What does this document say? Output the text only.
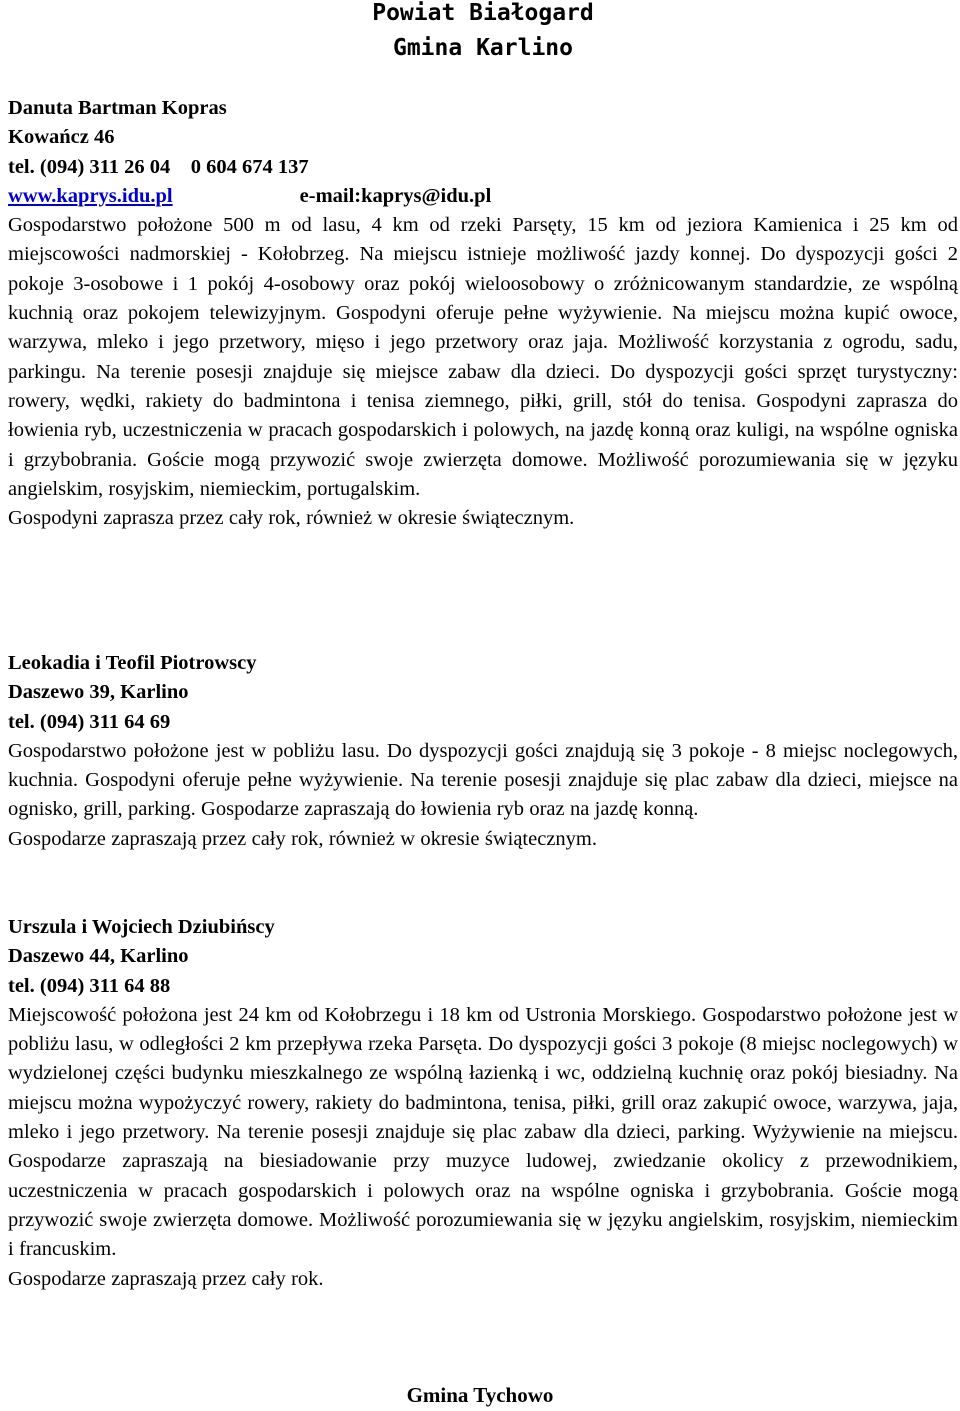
Powiat Białogard
Gmina Karlino
Danuta Bartman Kopras
Kowańcz 46
tel. (094) 311 26 04    0 604 674 137
www.kaprys.idu.pl	e-mail:kaprys@idu.pl

Gospodarstwo położone 500 m od lasu, 4 km od rzeki Parsęty, 15 km od jeziora Kamienica i 25 km od miejscowości nadmorskiej - Kołobrzeg. Na miejscu istnieje możliwość jazdy konnej. Do dyspozycji gości 2 pokoje 3-osobowe i 1 pokój 4-osobowy oraz pokój wieloosobowy o zróżnicowanym standardzie, ze wspólną kuchnią oraz pokojem telewizyjnym. Gospodyni oferuje pełne wyżywienie. Na miejscu można kupić owoce, warzywa, mleko i jego przetwory, mięso i jego przetwory oraz jaja. Możliwość korzystania z ogrodu, sadu, parkingu. Na terenie posesji znajduje się miejsce zabaw dla dzieci. Do dyspozycji gości sprzęt turystyczny: rowery, wędki, rakiety do badmintona i tenisa ziemnego, piłki, grill, stół do tenisa. Gospodyni zaprasza do łowienia ryb, uczestniczenia w pracach gospodarskich i polowych, na jazdę konną oraz kuligi, na wspólne ogniska i grzybobrania. Goście mogą przywozić swoje zwierzęta domowe. Możliwość porozumiewania się w języku angielskim, rosyjskim, niemieckim, portugalskim.

Gospodyni zaprasza przez cały rok, również w okresie świątecznym.

Leokadia i Teofil Piotrowscy
Daszewo 39, Karlino
tel. (094) 311 64 69

Gospodarstwo położone jest w pobliżu lasu. Do dyspozycji gości znajdują się 3 pokoje - 8 miejsc noclegowych, kuchnia. Gospodyni oferuje pełne wyżywienie. Na terenie posesji znajduje się plac zabaw dla dzieci, miejsce na ognisko, grill, parking. Gospodarze zapraszają do łowienia ryb oraz na jazdę konną.

Gospodarze zapraszają przez cały rok, również w okresie świątecznym.

Urszula i Wojciech Dziubińscy
Daszewo 44, Karlino
tel. (094) 311 64 88

Miejscowość położona jest 24 km od Kołobrzegu i 18 km od Ustronia Morskiego. Gospodarstwo położone jest w pobliżu lasu, w odległości 2 km przepływa rzeka Parsęta. Do dyspozycji gości 3 pokoje (8 miejsc noclegowych) w wydzielonej części budynku mieszkalnego ze wspólną łazienką i wc, oddzielną kuchnię oraz pokój biesiadny. Na miejscu można wypożyczyć rowery, rakiety do badmintona, tenisa, piłki, grill oraz zakupić owoce, warzywa, jaja, mleko i jego przetwory. Na terenie posesji znajduje się plac zabaw dla dzieci, parking. Wyżywienie na miejscu. Gospodarze zapraszają na biesiadowanie przy muzyce ludowej, zwiedzanie okolicy z przewodnikiem, uczestniczenia w pracach gospodarskich i polowych oraz na wspólne ogniska i grzybobrania. Goście mogą przywozić swoje zwierzęta domowe. Możliwość porozumiewania się w języku angielskim, rosyjskim, niemieckim i francuskim.

Gospodarze zapraszają przez cały rok.

Gmina Tychowo
